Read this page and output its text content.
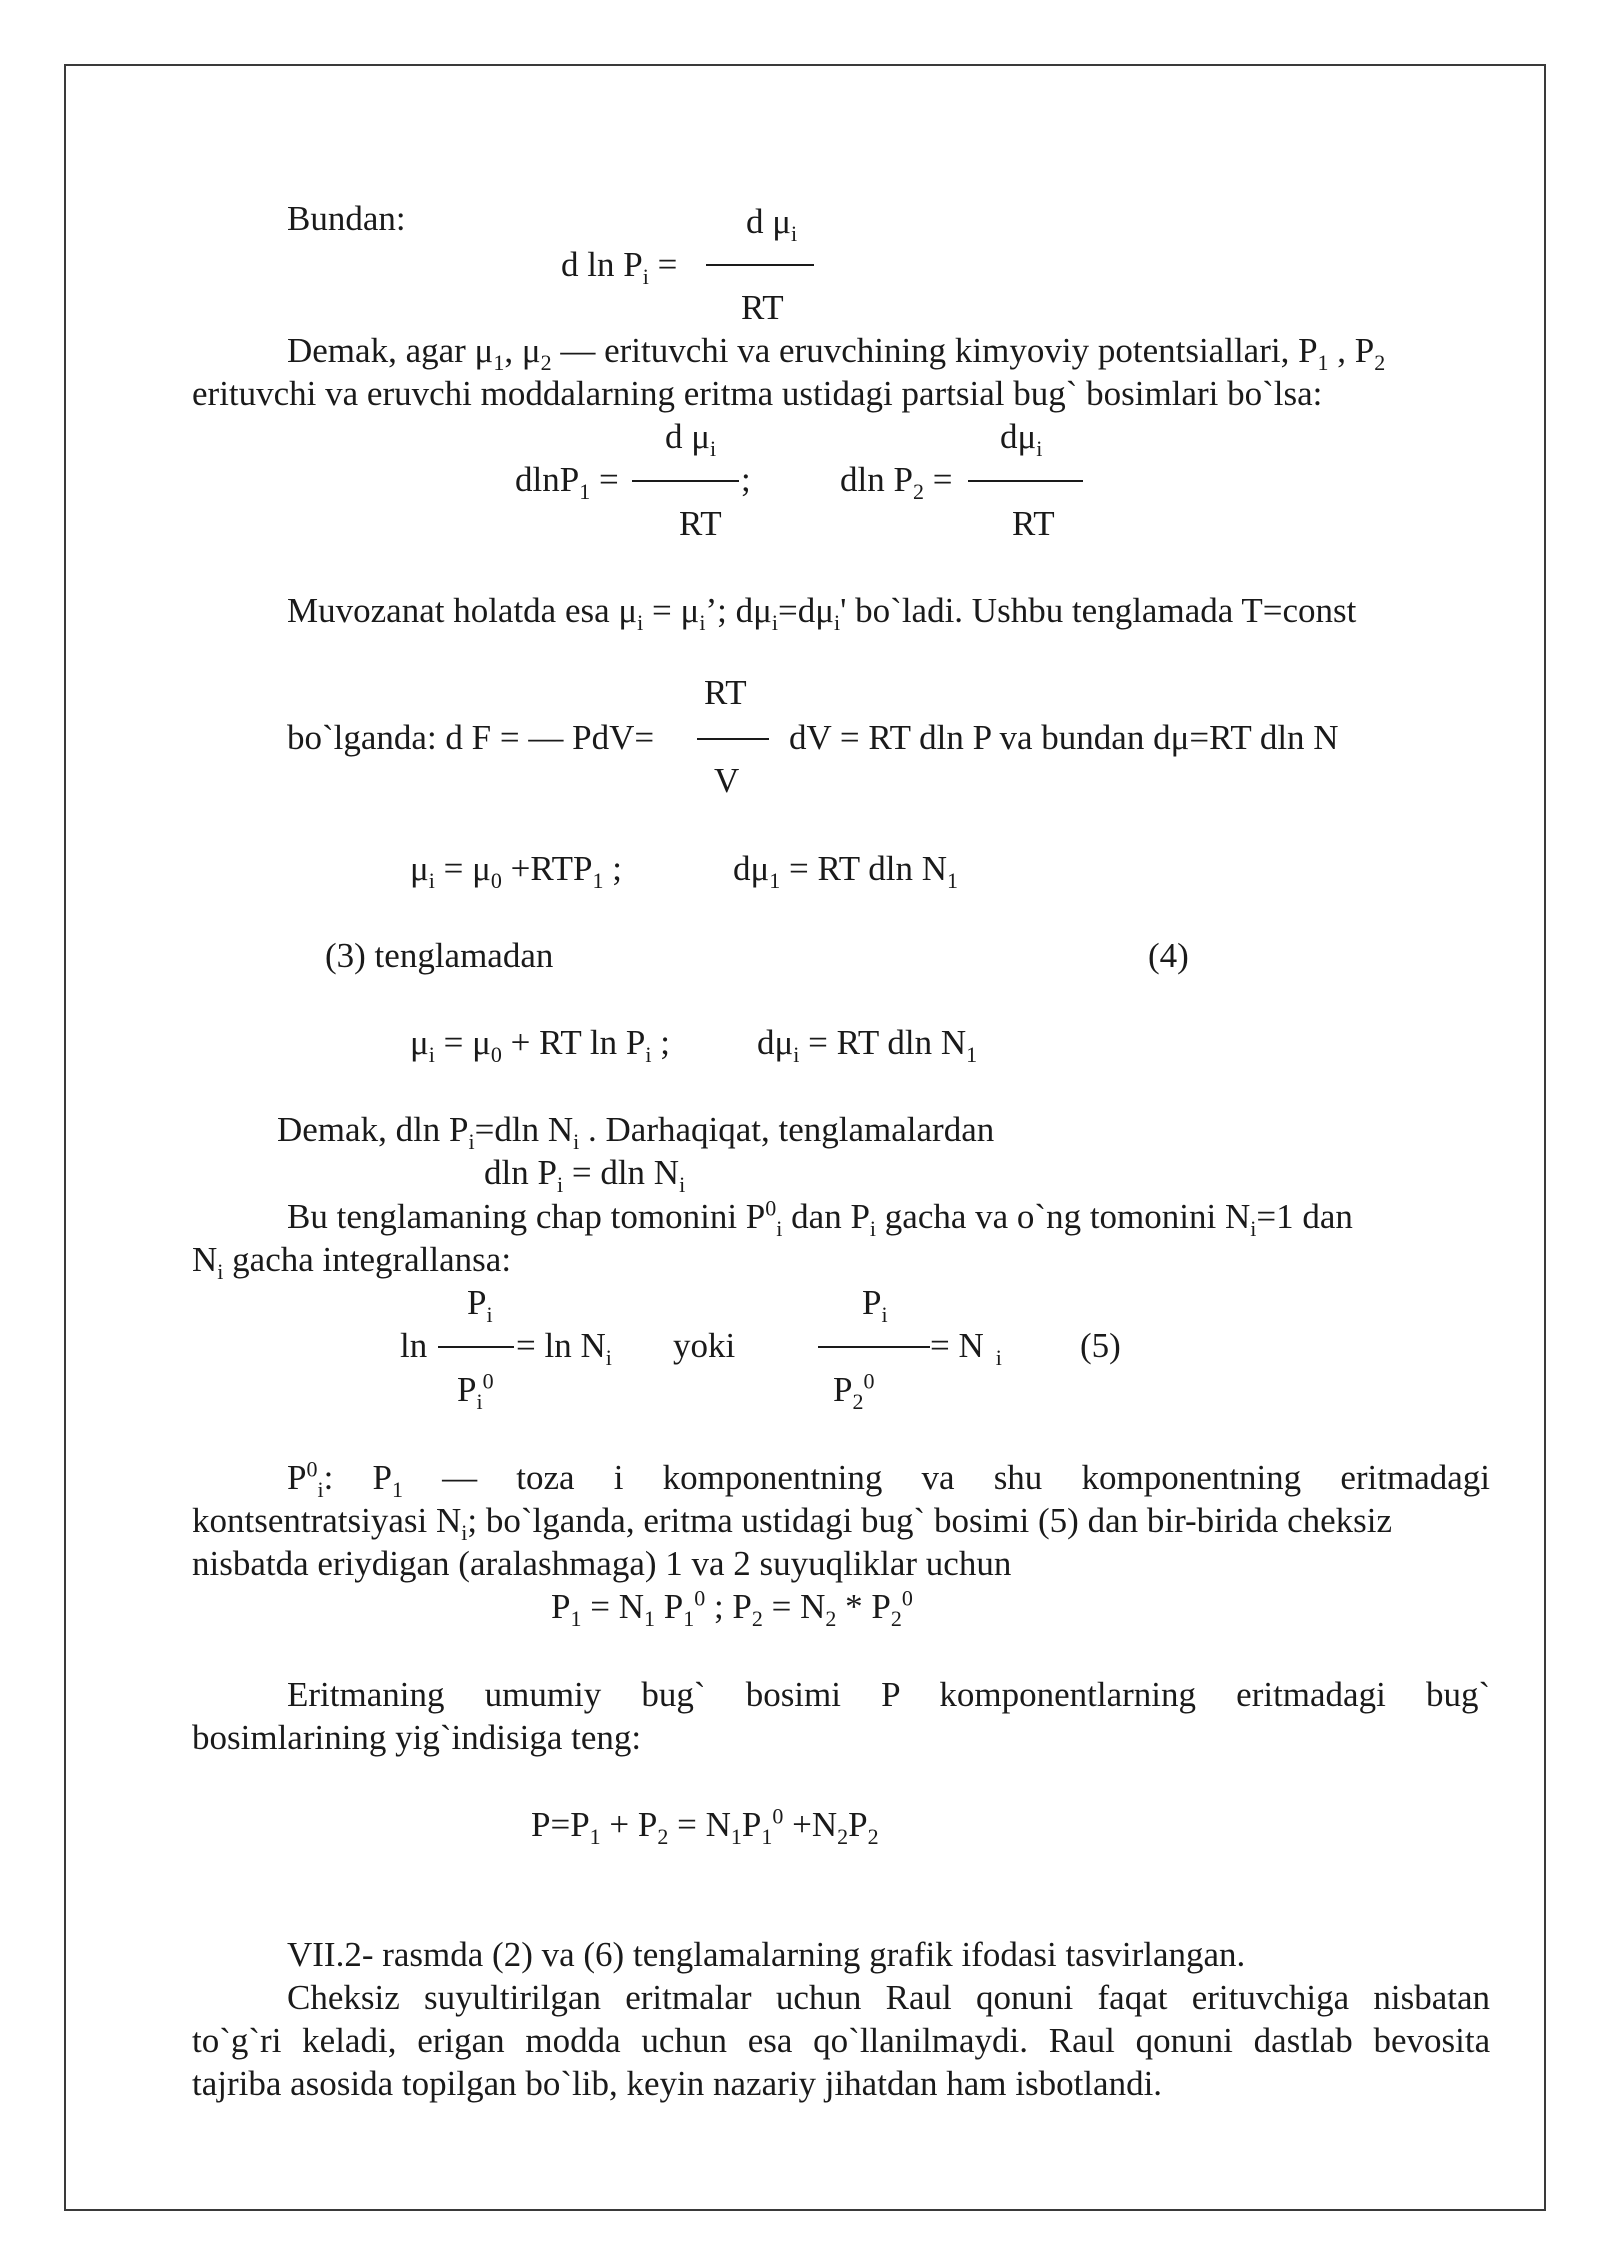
Bundan:	d $\mu_i$
d $\ln P_i$ =
RT
Demak, agar $\mu_1$, $\mu_2$ — erituvchi va eruvchining kimyoviy potentsiallari, $P_1$ , $P_2$
erituvchi va eruvchi moddalarning eritma ustidagi partsial bug` bosimlari bo`lsa:
d $\mu_i$	$d\mu_i$
dlnP$_1$ =	;	dln $P_2$ =
RT	RT
Muvozanat holatda esa $\mu_i = \mu_i$’; $d\mu_i=d\mu_i'$ bo`ladi. Ushbu tenglamada T=const
RT
bo`lganda: d F = — PdV=	dV = RT dln P va bundan dμ=RT dln N
V
$\mu_i = \mu_0 +RTP_1$ ;	$d\mu_1$ = RT dln $N_1$
(3) tenglamadan	(4)
$\mu_i = \mu_0$ + RT $\ln P_i$ ; $d\mu_i$ = RT dln $N_1$
Demak, dln $P_i=dln$ $N_i$ . Darhaqiqat, tenglamalardan
dln $P_i = dln$ $N_i$
Bu tenglamaning chap tomonini $P^0_i$ dan $P_i$ gacha va o`ng tomonini $N_i=1$ dan
$N_i$ gacha integrallansa:
$P_i$	$P_i$
ln	= $\ln N_i$ yoki	= N $_i$ (5)
$P_i^0$	$P_2^0$
$P^0_i$: $P_1$ — toza i komponentning va shu komponentning eritmadagi
kontsentratsiyasi $N_i$; bo`lganda, eritma ustidagi bug` bosimi (5) dan bir-birida cheksiz
nisbatda eriydigan (aralashmaga) 1 va 2 suyuqliklar uchun
$P_1 = N_1$ $P_1^0$ ; $P_2 = N_2 * P_2^0$
Eritmaning umumiy bug` bosimi P komponentlarning eritmadagi bug`
bosimlarining yig`indisiga teng:
$P=P_1 + P_2 = N_1P_1^0 +N_2P_2$
VII.2- rasmda (2) va (6) tenglamalarning grafik ifodasi tasvirlangan.
Cheksiz suyultirilgan eritmalar uchun Raul qonuni faqat erituvchiga nisbatan
to`g`ri keladi, erigan modda uchun esa qo`llanilmaydi. Raul qonuni dastlab bevosita
tajriba asosida topilgan bo`lib, keyin nazariy jihatdan ham isbotlandi.
